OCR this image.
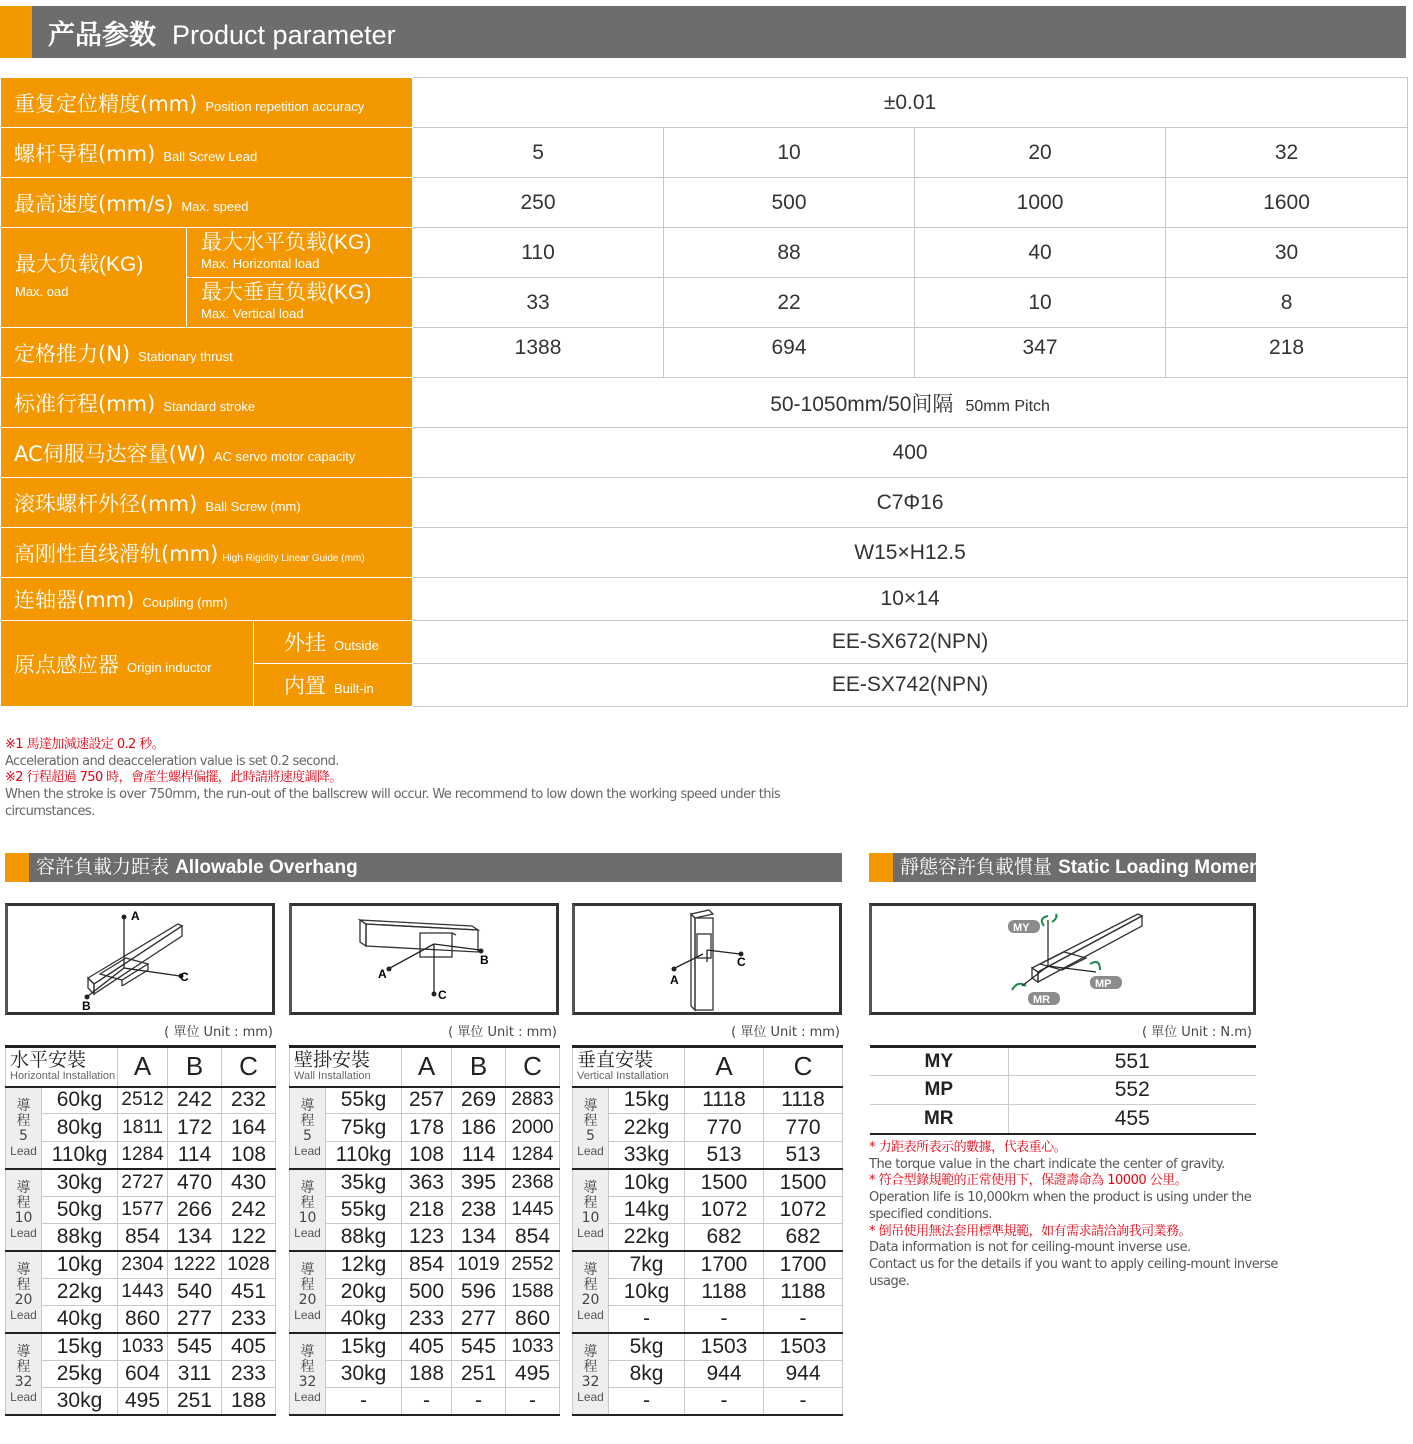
产品参数 Product parameter
重复定位精度(mm) Position repetition accuracy			±0.01			
螺杆导程(mm) Ball Screw Lead			5	10	20	32
最高速度(mm/s) Max. speed			250	500	1000	1600
最大负载(KG)
Max. oad	最大水平负载(KG)
Max. Horizontal load		110	88	40	30
	最大垂直负载(KG)
Max. Vertical load		33	22	10	8
定格推力(N) Stationary thrust			1388	694	347	218
标准行程(mm) Standard stroke			50-1050mm/50间隔 50mm Pitch			
AC伺服马达容量(W) AC servo motor capacity			400			
滚珠螺杆外径(mm) Ball Screw (mm)			C7Φ16			
高刚性直线滑轨(mm) High Rigidity Linear Guide (mm)			W15×H12.5			
连轴器(mm) Coupling (mm)			10×14			
原点感应器 Origin inductor		外挂 Outside	EE-SX672(NPN)			
		内置 Built-in	EE-SX742(NPN)			
※1 馬達加減速設定 0.2 秒。
Acceleration and deacceleration value is set 0.2 second.
※2 行程超過 750 時，會產生螺桿偏擺，此時請將速度調降。
When the stroke is over 750mm, the run-out of the ballscrew will occur. We recommend to low down the working speed under this circumstances.
容許負載力距表 Allowable Overhang	靜態容許負載慣量 Static Loading Moment
A
C
B
A
B
C
C
A
MY
MP
MR
( 單位 Unit : mm)	( 單位 Unit : mm)	( 單位 Unit : mm)	( 單位 Unit : N.m)
水平安裝
Horizontal Installation		A	B	C

導
程
5
Lead	60kg	2512	242	232
	80kg	1811	172	164
	110kg	1284	114	108

導
程
10
Lead	30kg	2727	470	430
	50kg	1577	266	242
	88kg	854	134	122

導
程
20
Lead	10kg	2304	1222	1028
	22kg	1443	540	451
	40kg	860	277	233

導
程
32
Lead	15kg	1033	545	405
	25kg	604	311	233
	30kg	495	251	188
壁掛安裝
Wall Installation		A	B	C

導
程
5
Lead	55kg	257	269	2883
	75kg	178	186	2000
	110kg	108	114	1284

導
程
10
Lead	35kg	363	395	2368
	55kg	218	238	1445
	88kg	123	134	854

導
程
20
Lead	12kg	854	1019	2552
	20kg	500	596	1588
	40kg	233	277	860

導
程
32
Lead	15kg	405	545	1033
	30kg	188	251	495
	-	-	-	-
垂直安裝
Vertical Installation		A	C

導
程
5
Lead	15kg	1118	1118
	22kg	770	770
	33kg	513	513

導
程
10
Lead	10kg	1500	1500
	14kg	1072	1072
	22kg	682	682

導
程
20
Lead	7kg	1700	1700
	10kg	1188	1188
	-	-	-

導
程
32
Lead	5kg	1503	1503
	8kg	944	944
	-	-	-
MY	551
MP	552
MR	455
* 力距表所表示的數據，代表重心。
The torque value in the chart indicate the center of gravity.
* 符合型錄規範的正常使用下，保證壽命為 10000 公里。
Operation life is 10,000km when the product is using under the specified conditions.
* 倒吊使用無法套用標準規範，如有需求請洽詢我司業務。
Data information is not for ceiling-mount inverse use.
Contact us for the details if you want to apply ceiling-mount inverse usage.
